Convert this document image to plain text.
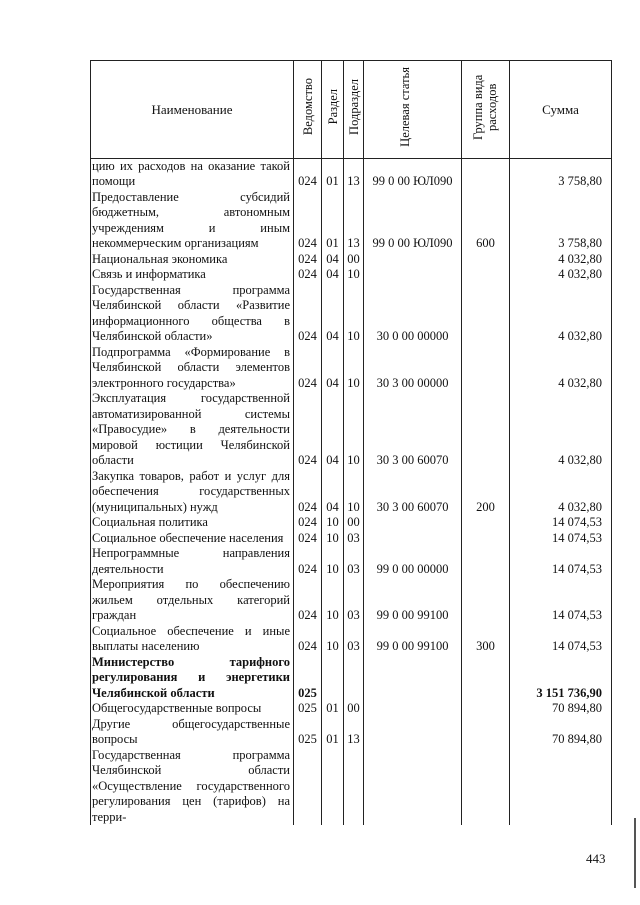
Наименование	Ведомство	Раздел	Подраздел	Целевая статья	Группа вида расходов	Сумма
цию их расходов на оказание такой помощи	024	01	13	99 0 00 ЮЛ090		3 758,80
Предоставление субсидий бюджетным, автономным учреждениям и иным некоммерческим организациям	024	01	13	99 0 00 ЮЛ090	600	3 758,80
Национальная экономика	024	04	00			4 032,80
Связь и информатика	024	04	10			4 032,80
Государственная программа Челябинской области «Развитие информационного общества в Челябинской области»	024	04	10	30 0 00 00000		4 032,80
Подпрограмма «Формирование в Челябинской области элементов электронного государства»	024	04	10	30 3 00 00000		4 032,80
Эксплуатация государственной автоматизированной системы «Правосудие» в деятельности мировой юстиции Челябинской области	024	04	10	30 3 00 60070		4 032,80
Закупка товаров, работ и услуг для обеспечения государственных (муниципальных) нужд	024	04	10	30 3 00 60070	200	4 032,80
Социальная политика	024	10	00			14 074,53
Социальное обеспечение населения	024	10	03			14 074,53
Непрограммные направления деятельности	024	10	03	99 0 00 00000		14 074,53
Мероприятия по обеспечению жильем отдельных категорий граждан	024	10	03	99 0 00 99100		14 074,53
Социальное обеспечение и иные выплаты населению	024	10	03	99 0 00 99100	300	14 074,53
Министерство тарифного регулирования и энергетики Челябинской области	025					3 151 736,90
Общегосударственные вопросы	025	01	00			70 894,80
Другие общегосударственные вопросы	025	01	13			70 894,80
Государственная программа Челябинской области «Осуществление государственного регулирования цен (тарифов) на терри-						
443
